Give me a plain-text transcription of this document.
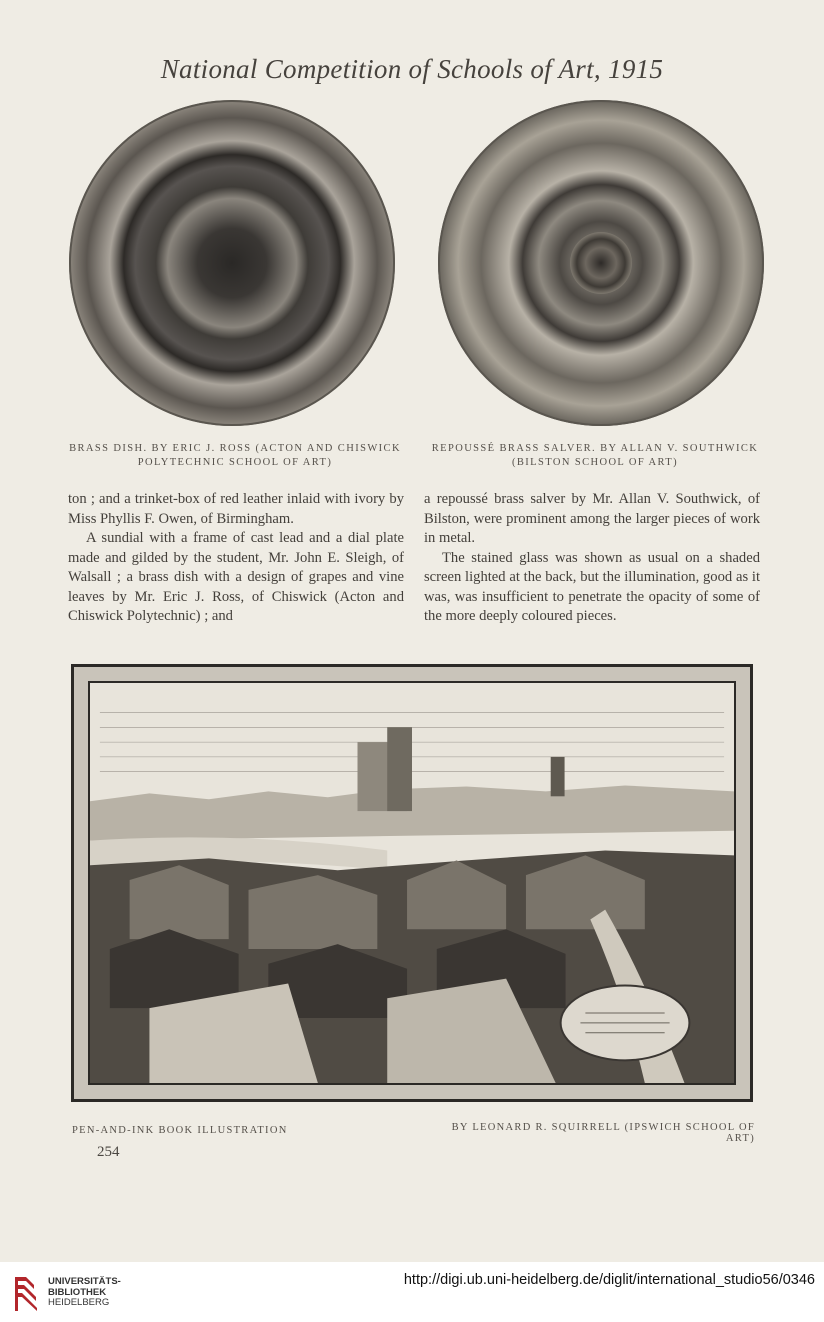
National Competition of Schools of Art, 1915
BRASS DISH. BY ERIC J. ROSS (ACTON AND CHISWICK
POLYTECHNIC SCHOOL OF ART)
REPOUSSÉ BRASS SALVER. BY ALLAN V. SOUTHWICK
(BILSTON SCHOOL OF ART)

ton ; and a trinket-box of red leather inlaid with ivory by Miss Phyllis F. Owen, of Birmingham.

A sundial with a frame of cast lead and a dial plate made and gilded by the student, Mr. John E. Sleigh, of Walsall ; a brass dish with a design of grapes and vine leaves by Mr. Eric J. Ross, of Chiswick (Acton and Chiswick Polytechnic) ; and

a repoussé brass salver by Mr. Allan V. Southwick, of Bilston, were prominent among the larger pieces of work in metal.

The stained glass was shown as usual on a shaded screen lighted at the back, but the illumination, good as it was, was insufficient to penetrate the opacity of some of the more deeply coloured pieces.

PEN-AND-INK BOOK ILLUSTRATION	BY LEONARD R. SQUIRRELL (IPSWICH SCHOOL OF ART)
254
UNIVERSITÄTS-
BIBLIOTHEK
HEIDELBERG
http://digi.ub.uni-heidelberg.de/diglit/international_studio56/0346
